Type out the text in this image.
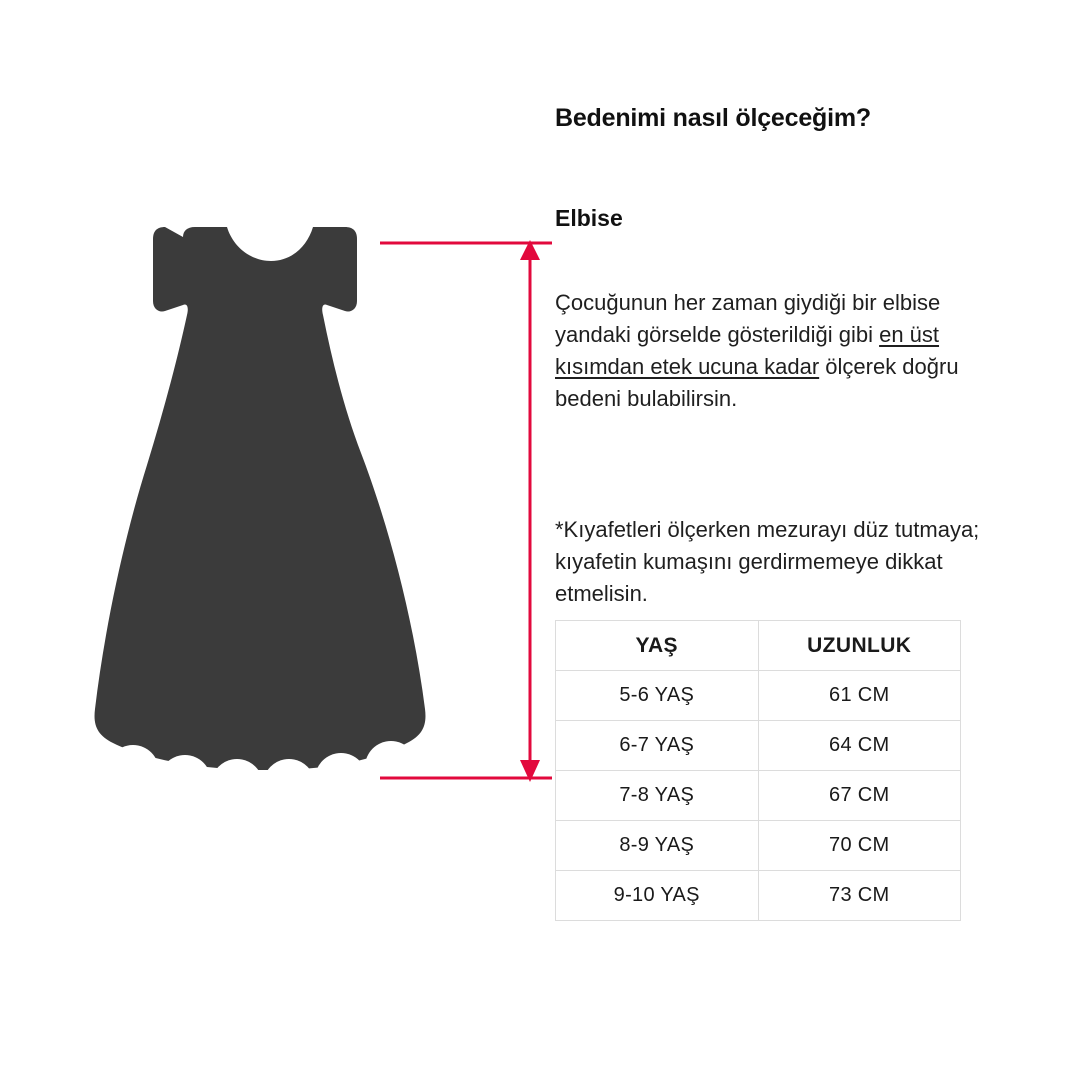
Bedenimi nasıl ölçeceğim?
Elbise

Çocuğunun her zaman giydiği bir elbise yandaki görselde gösterildiği gibi en üst kısımdan etek ucuna kadar ölçerek doğru bedeni bulabilirsin.

*Kıyafetleri ölçerken mezurayı düz tutmaya; kıyafetin kumaşını gerdirmemeye dikkat etmelisin.

YAŞ	UZUNLUK
5-6 YAŞ	61 CM
6-7 YAŞ	64 CM
7-8 YAŞ	67 CM
8-9 YAŞ	70 CM
9-10 YAŞ	73 CM
